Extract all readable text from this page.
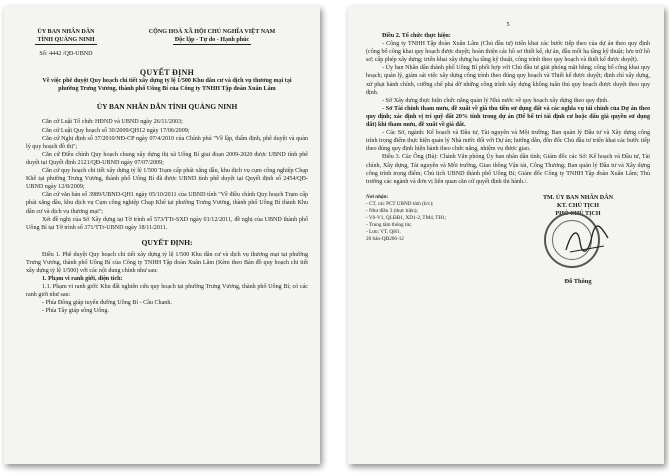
ỦY BAN NHÂN DÂN
TỈNH QUẢNG NINH
Số: 4442 /QĐ-UBND
CỘNG HOÀ XÃ HỘI CHỦ NGHĨA VIỆT NAM
Độc lập - Tự do - Hạnh phúc
QUYẾT ĐỊNH
Về việc phê duyệt Quy hoạch chi tiết xây dựng tỷ lệ 1/500 Khu dân cư và dịch vụ thương mại tại phường Trưng Vương, thành phố Uông Bí của Công ty TNHH Tập đoàn Xuân Lâm
ỦY BAN NHÂN DÂN TỈNH QUẢNG NINH
Căn cứ Luật Tổ chức HĐND và UBND ngày 26/11/2003;
Căn cứ Luật Quy hoạch số 30/2009/QH12 ngày 17/06/2009;
Căn cứ Nghị định số 37/2010/NĐ-CP ngày 07/4/2010 của Chính phủ "Về lập, thẩm định, phê duyệt và quản lý quy hoạch đô thị";
Căn cứ Điều chỉnh Quy hoạch chung xây dựng thị xã Uông Bí giai đoạn 2009-2020 được UBND tỉnh phê duyệt tại Quyết định 2121/QĐ-UBND ngày 07/07/2009;
Căn cứ quy hoạch chi tiết xây dựng tỷ lệ 1/500 Trạm cấp phát xăng dầu, khu dịch vụ cụm công nghiệp Chạp Khê tại phường Trưng Vương, thành phố Uông Bí đã được UBND tỉnh phê duyệt tại Quyết định số 2454/QĐ-UBND ngày 12/8/2009;
Căn cứ văn bản số 3989/UBND-QH1 ngày 05/10/2011 của UBND tỉnh "Về điều chỉnh Quy hoạch Trạm cấp phát xăng dầu, khu dịch vụ Cụm công nghiệp Chạp Khê tại phường Trưng Vương, thành phố Uông Bí thành Khu dân cư và dịch vụ thương mại";
Xét đề nghị của Sở Xây dựng tại Tờ trình số 573/TTr-SXD ngày 01/12/2011, đề nghị của UBND thành phố Uông Bí tại Tờ trình số 371/TTr-UBND ngày 18/11/2011.
QUYẾT ĐỊNH:
Điều 1. Phê duyệt Quy hoạch chi tiết xây dựng tỷ lệ 1/500 Khu dân cư và dịch vụ thương mại tại phường Trưng Vương, thành phố Uông Bí của Công ty TNHH Tập đoàn Xuân Lâm (Kèm theo Bản đồ quy hoạch chi tiết xây dựng tỷ lệ 1/500) với các nội dung chính như sau:
1. Phạm vi ranh giới, diện tích:
1.1. Phạm vi ranh giới: Khu đất nghiên cứu quy hoạch tại phường Trưng Vương, thành phố Uông Bí; có các ranh giới như sau:
- Phía Đông giáp tuyến đường Uông Bí - Cầu Chanh.
- Phía Tây giáp sông Uông.
5
Điều 2. Tổ chức thực hiện:
- Công ty TNHH Tập đoàn Xuân Lâm (Chủ đầu tư) triển khai các bước tiếp theo của dự án theo quy định (công bố công khai quy hoạch được duyệt; hoàn thiện các hồ sơ thiết kế, dự án, đầu mối hạ tầng kỹ thuật; lưu trữ hồ sơ; cấp phép xây dựng; triển khai xây dựng hạ tầng kỹ thuật, công trình theo quy hoạch và thiết kế được duyệt).
- Ủy ban Nhân dân thành phố Uông Bí phối hợp với Chủ đầu tư giải phóng mặt bằng; công bố công khai quy hoạch; quản lý, giám sát việc xây dựng công trình theo đúng quy hoạch và Thiết kế được duyệt; định chỉ xây dựng, xử phạt hành chính, cưỡng chế phá dỡ những công trình xây dựng không tuân thủ quy hoạch được duyệt theo quy định.
- Sở Xây dựng thực hiện chức năng quản lý Nhà nước về quy hoạch xây dựng theo quy định.
- Sở Tài chính tham mưu, đề xuất về giá thu tiền sử dụng đất và các nghĩa vụ tài chính của Dự án theo quy định; xác định vị trí quỹ đất 20% tính trong dự án (Để bố trí tái định cư hoặc đấu giá quyền sử dụng đất) khi tham mưu, đề xuất về giá đất.
- Các Sở, ngành: Kế hoạch và Đầu tư, Tài nguyên và Môi trường; Ban quản lý Đầu tư và Xây dựng công trình trọng điểm thực hiện quản lý Nhà nước đối với Dự án; hướng dẫn, đôn đốc Chủ đầu tư triển khai các bước tiếp theo đúng quy định hiện hành theo chức năng, nhiệm vụ được giao.
Điều 3. Các Ông (Bà): Chánh Văn phòng Ủy ban nhân dân tỉnh; Giám đốc các Sở: Kế hoạch và Đầu tư, Tài chính, Xây dựng, Tài nguyên và Môi trường, Giao thông Vận tải, Công Thương; Ban quản lý Đầu tư và Xây dựng công trình trọng điểm; Chủ tịch UBND thành phố Uông Bí; Giám đốc Công ty TNHH Tập đoàn Xuân Lâm; Thủ trưởng các ngành và đơn vị liên quan căn cứ quyết định thi hành./.
Nơi nhận:
- CT, các PCT UBND tỉnh (b/c);
- Như điều 3 (thực hiện);
- V0-V1, QLĐĐ1, XD1-2, TM4, TH1;
- Trung tâm thông tin;
- Lưu: VT, QH1.
20 bản-QĐ266-12
TM. ỦY BAN NHÂN DÂN
KT. CHỦ TỊCH
PHÓ CHỦ TỊCH
Đỗ Thông
